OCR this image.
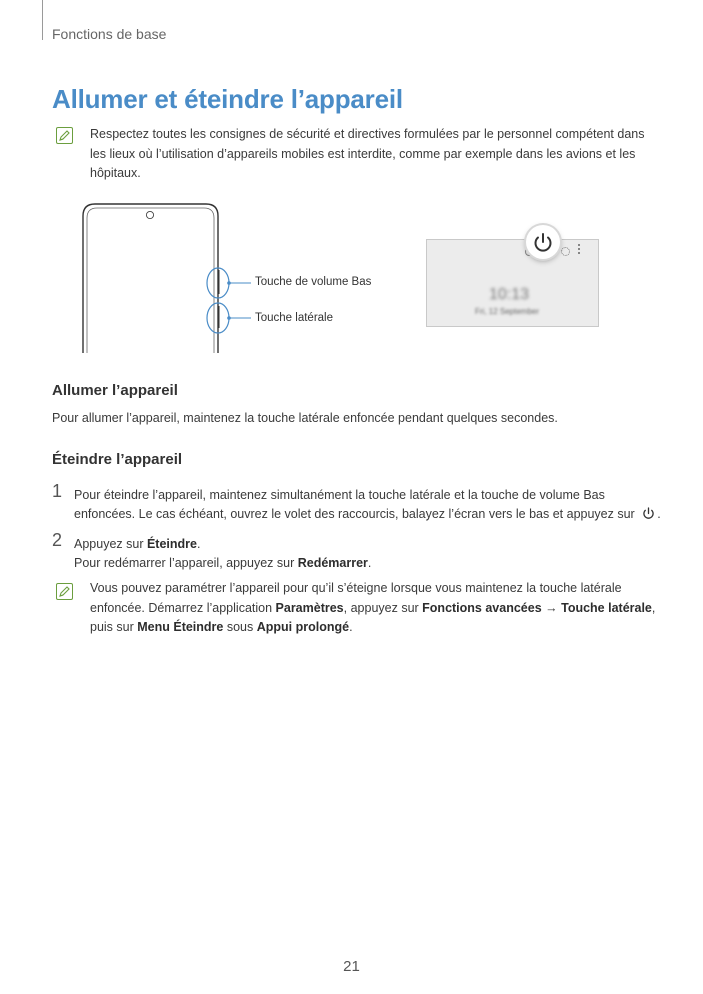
Fonctions de base
Allumer et éteindre l’appareil
Respectez toutes les consignes de sécurité et directives formulées par le personnel compétent dans
les lieux où l’utilisation d’appareils mobiles est interdite, comme par exemple dans les avions et les
hôpitaux.
Touche de volume Bas
Touche latérale
10:13
Fri, 12 September
Allumer l’appareil
Pour allumer l’appareil, maintenez la touche latérale enfoncée pendant quelques secondes.
Éteindre l’appareil
1 Pour éteindre l’appareil, maintenez simultanément la touche latérale et la touche de volume Bas
enfoncées. Le cas échéant, ouvrez le volet des raccourcis, balayez l’écran vers le bas et appuyez sur .
2 Appuyez sur Éteindre.
Pour redémarrer l’appareil, appuyez sur Redémarrer.
Vous pouvez paramétrer l’appareil pour qu’il s’éteigne lorsque vous maintenez la touche latérale
enfoncée. Démarrez l’application Paramètres, appuyez sur Fonctions avancées → Touche latérale,
puis sur Menu Éteindre sous Appui prolongé.
21
